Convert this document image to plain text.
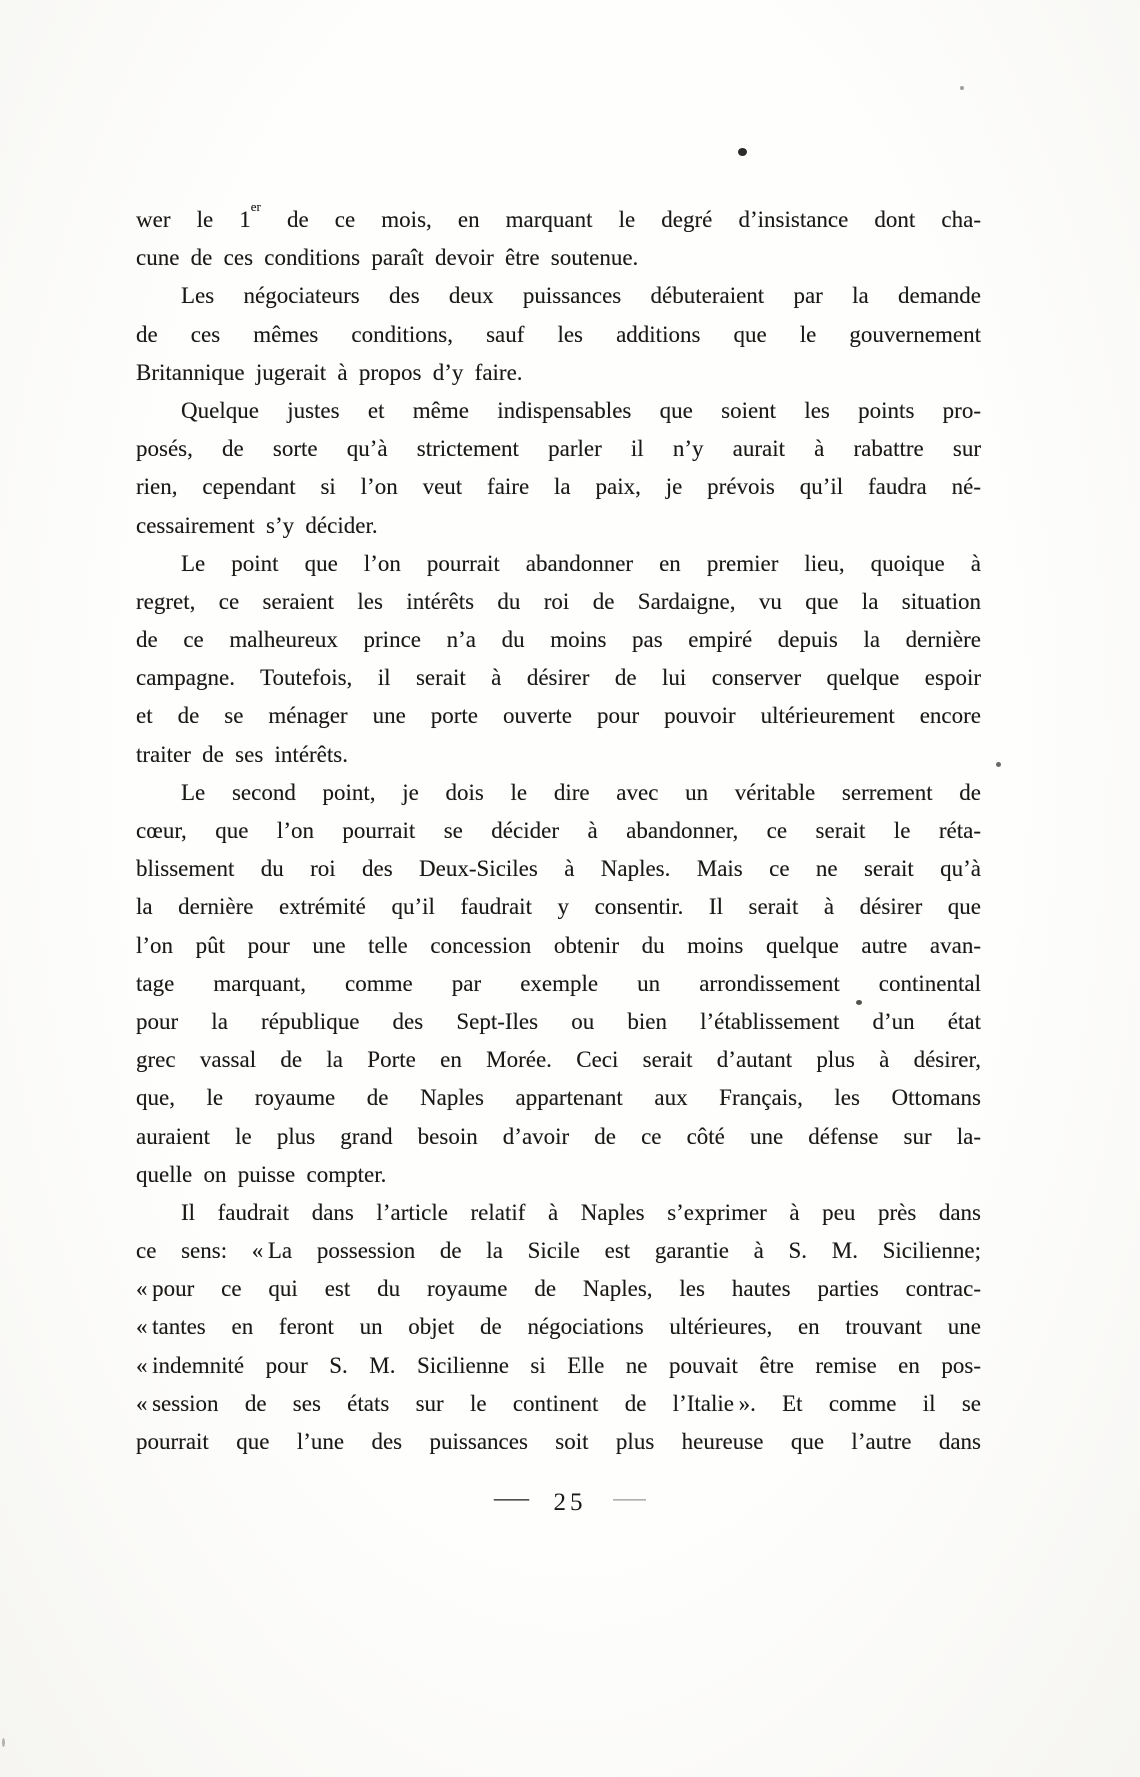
wer le 1er de ce mois, en marquant le degré d’insistance dont cha-
cune de ces conditions paraît devoir être soutenue.

Les négociateurs des deux puissances débuteraient par la demande
de ces mêmes conditions, sauf les additions que le gouvernement
Britannique jugerait à propos d’y faire.

Quelque justes et même indispensables que soient les points pro-
posés, de sorte qu’à strictement parler il n’y aurait à rabattre sur
rien, cependant si l’on veut faire la paix, je prévois qu’il faudra né-
cessairement s’y décider.

Le point que l’on pourrait abandonner en premier lieu, quoique à
regret, ce seraient les intérêts du roi de Sardaigne, vu que la situation
de ce malheureux prince n’a du moins pas empiré depuis la dernière
campagne. Toutefois, il serait à désirer de lui conserver quelque espoir
et de se ménager une porte ouverte pour pouvoir ultérieurement encore
traiter de ses intérêts.

Le second point, je dois le dire avec un véritable serrement de
cœur, que l’on pourrait se décider à abandonner, ce serait le réta-
blissement du roi des Deux-Siciles à Naples. Mais ce ne serait qu’à
la dernière extrémité qu’il faudrait y consentir. Il serait à désirer que
l’on pût pour une telle concession obtenir du moins quelque autre avan-
tage marquant, comme par exemple un arrondissement continental
pour la république des Sept-Iles ou bien l’établissement d’un état
grec vassal de la Porte en Morée. Ceci serait d’autant plus à désirer,
que, le royaume de Naples appartenant aux Français, les Ottomans
auraient le plus grand besoin d’avoir de ce côté une défense sur la-
quelle on puisse compter.

Il faudrait dans l’article relatif à Naples s’exprimer à peu près dans
ce sens: « La possession de la Sicile est garantie à S. M. Sicilienne;
« pour ce qui est du royaume de Naples, les hautes parties contrac-
« tantes en feront un objet de négociations ultérieures, en trouvant une
« indemnité pour S. M. Sicilienne si Elle ne pouvait être remise en pos-
« session de ses états sur le continent de l’Italie ». Et comme il se
pourrait que l’une des puissances soit plus heureuse que l’autre dans

— 25 —
